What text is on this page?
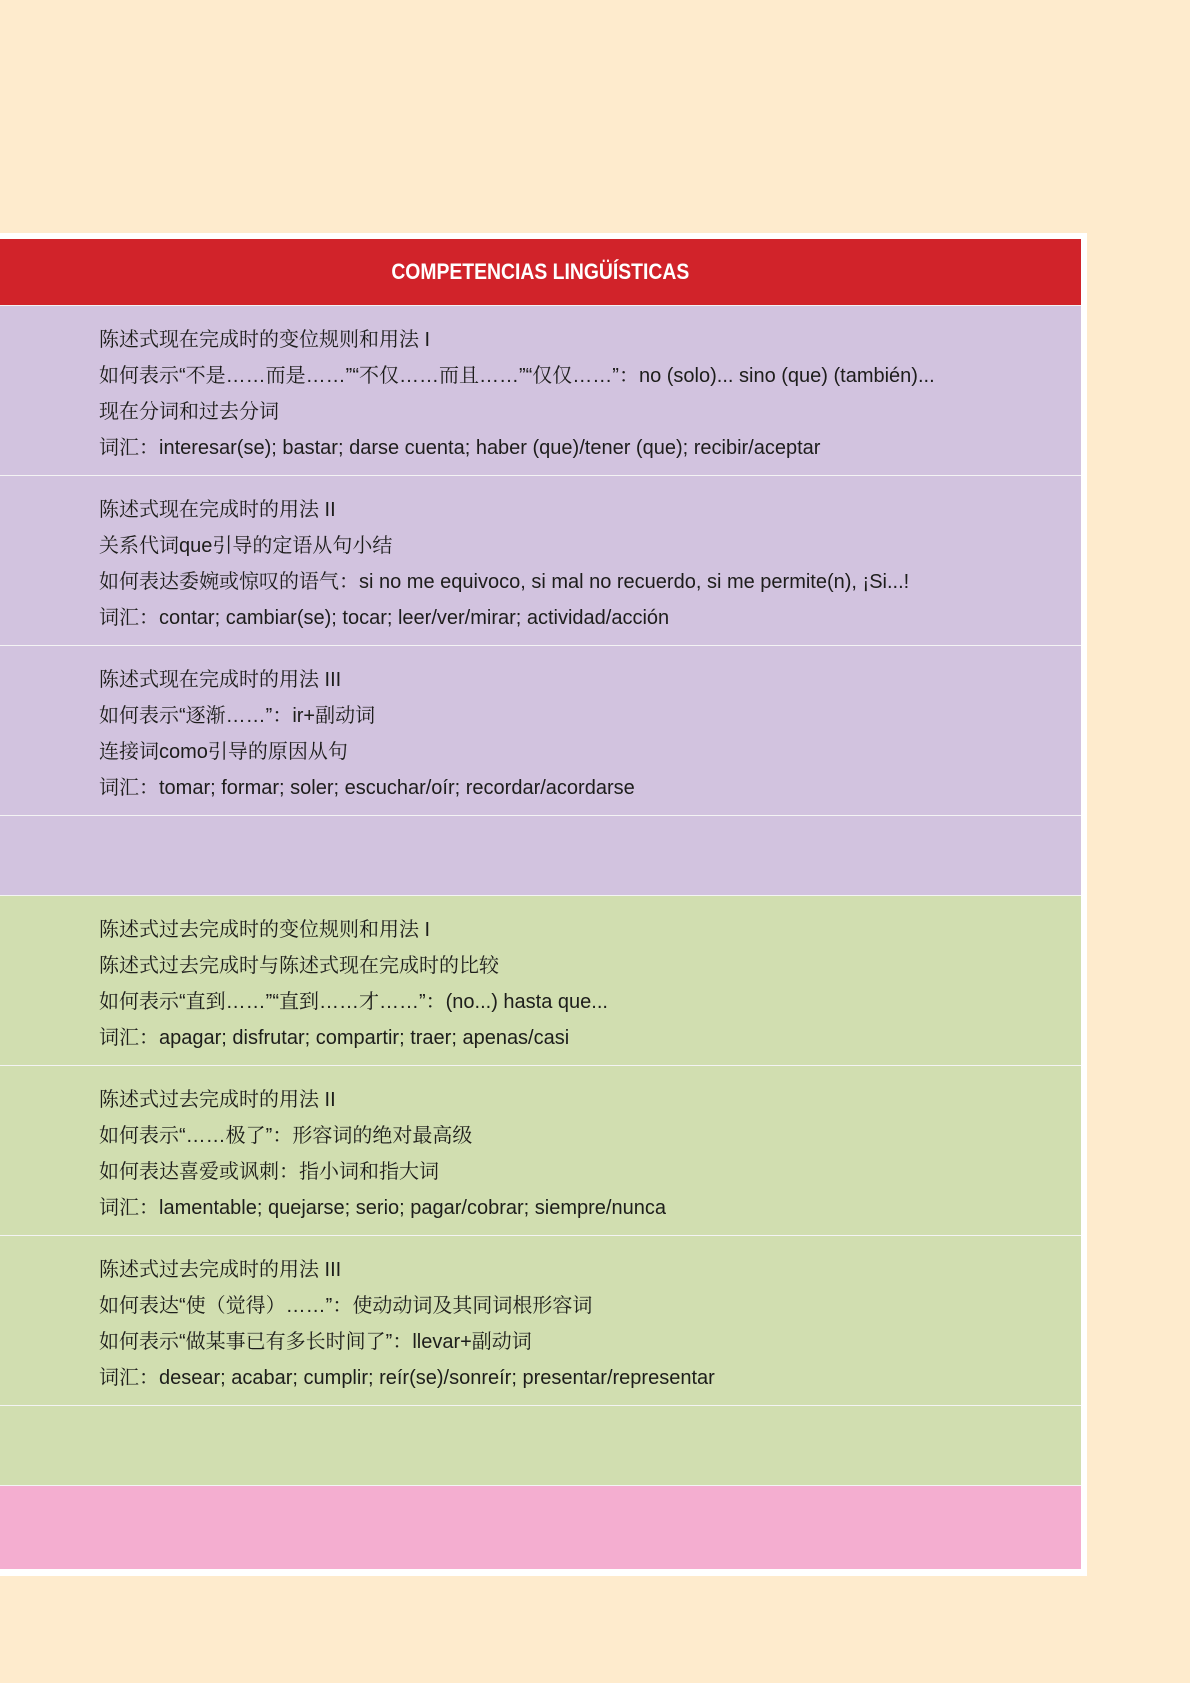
COMPETENCIAS LINGÜÍSTICAS
陈述式现在完成时的变位规则和用法 I
如何表示“不是……而是……”“不仅……而且……”“仅仅……”：no (solo)... sino (que) (también)...
现在分词和过去分词
词汇：interesar(se); bastar; darse cuenta; haber (que)/tener (que); recibir/aceptar
陈述式现在完成时的用法 II
关系代词que引导的定语从句小结
如何表达委婉或惊叹的语气：si no me equivoco, si mal no recuerdo, si me permite(n), ¡Si...!
词汇：contar; cambiar(se); tocar; leer/ver/mirar; actividad/acción
陈述式现在完成时的用法 III
如何表示“逐渐……”：ir+副动词
连接词como引导的原因从句
词汇：tomar; formar; soler; escuchar/oír; recordar/acordarse
陈述式过去完成时的变位规则和用法 I
陈述式过去完成时与陈述式现在完成时的比较
如何表示“直到……”“直到……才……”：(no...) hasta que...
词汇：apagar; disfrutar; compartir; traer; apenas/casi
陈述式过去完成时的用法 II
如何表示“……极了”：形容词的绝对最高级
如何表达喜爱或讽刺：指小词和指大词
词汇：lamentable; quejarse; serio; pagar/cobrar; siempre/nunca
陈述式过去完成时的用法 III
如何表达“使（觉得）……”：使动动词及其同词根形容词
如何表示“做某事已有多长时间了”：llevar+副动词
词汇：desear; acabar; cumplir; reír(se)/sonreír; presentar/representar
